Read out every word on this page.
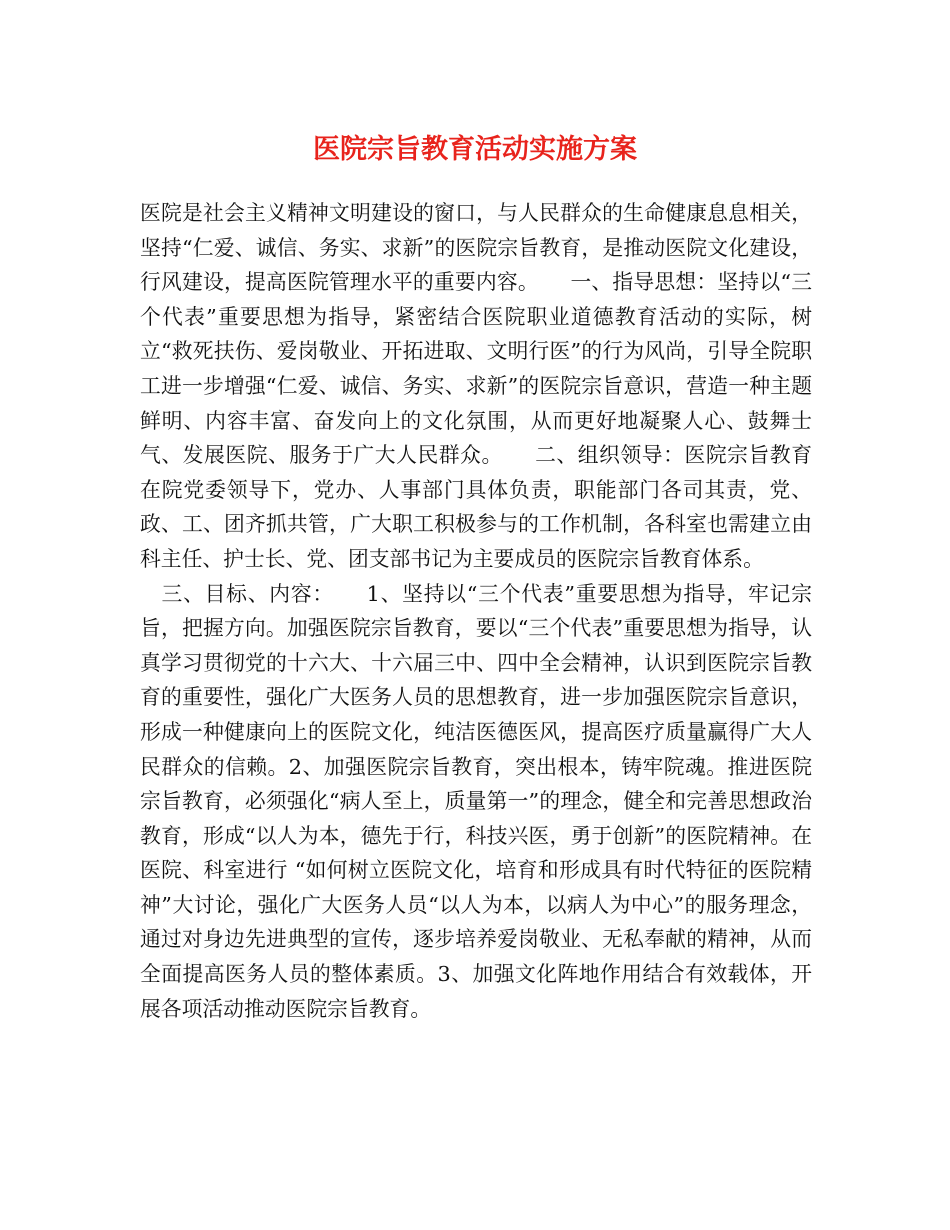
医院宗旨教育活动实施方案

医院是社会主义精神文明建设的窗口，与人民群众的生命健康息息相关，坚持“仁爱、诚信、务实、求新”的医院宗旨教育，是推动医院文化建设，行风建设，提高医院管理水平的重要内容。　　一、指导思想：坚持以“三个代表”重要思想为指导，紧密结合医院职业道德教育活动的实际，树立“救死扶伤、爱岗敬业、开拓进取、文明行医”的行为风尚，引导全院职工进一步增强“仁爱、诚信、务实、求新”的医院宗旨意识，营造一种主题鲜明、内容丰富、奋发向上的文化氛围，从而更好地凝聚人心、鼓舞士气、发展医院、服务于广大人民群众。　　二、组织领导：医院宗旨教育在院党委领导下，党办、人事部门具体负责，职能部门各司其责，党、政、工、团齐抓共管，广大职工积极参与的工作机制，各科室也需建立由科主任、护士长、党、团支部书记为主要成员的医院宗旨教育体系。

　三、目标、内容：　　1、坚持以“三个代表”重要思想为指导，牢记宗旨，把握方向。加强医院宗旨教育，要以“三个代表”重要思想为指导，认真学习贯彻党的十六大、十六届三中、四中全会精神，认识到医院宗旨教育的重要性，强化广大医务人员的思想教育，进一步加强医院宗旨意识，形成一种健康向上的医院文化，纯洁医德医风，提高医疗质量赢得广大人民群众的信赖。2、加强医院宗旨教育，突出根本，铸牢院魂。推进医院宗旨教育，必须强化“病人至上，质量第一”的理念，健全和完善思想政治教育，形成“以人为本，德先于行，科技兴医，勇于创新”的医院精神。在医院、科室进行 “如何树立医院文化，培育和形成具有时代特征的医院精神”大讨论，强化广大医务人员“以人为本，以病人为中心”的服务理念，通过对身边先进典型的宣传，逐步培养爱岗敬业、无私奉献的精神，从而全面提高医务人员的整体素质。3、加强文化阵地作用结合有效载体，开展各项活动推动医院宗旨教育。
